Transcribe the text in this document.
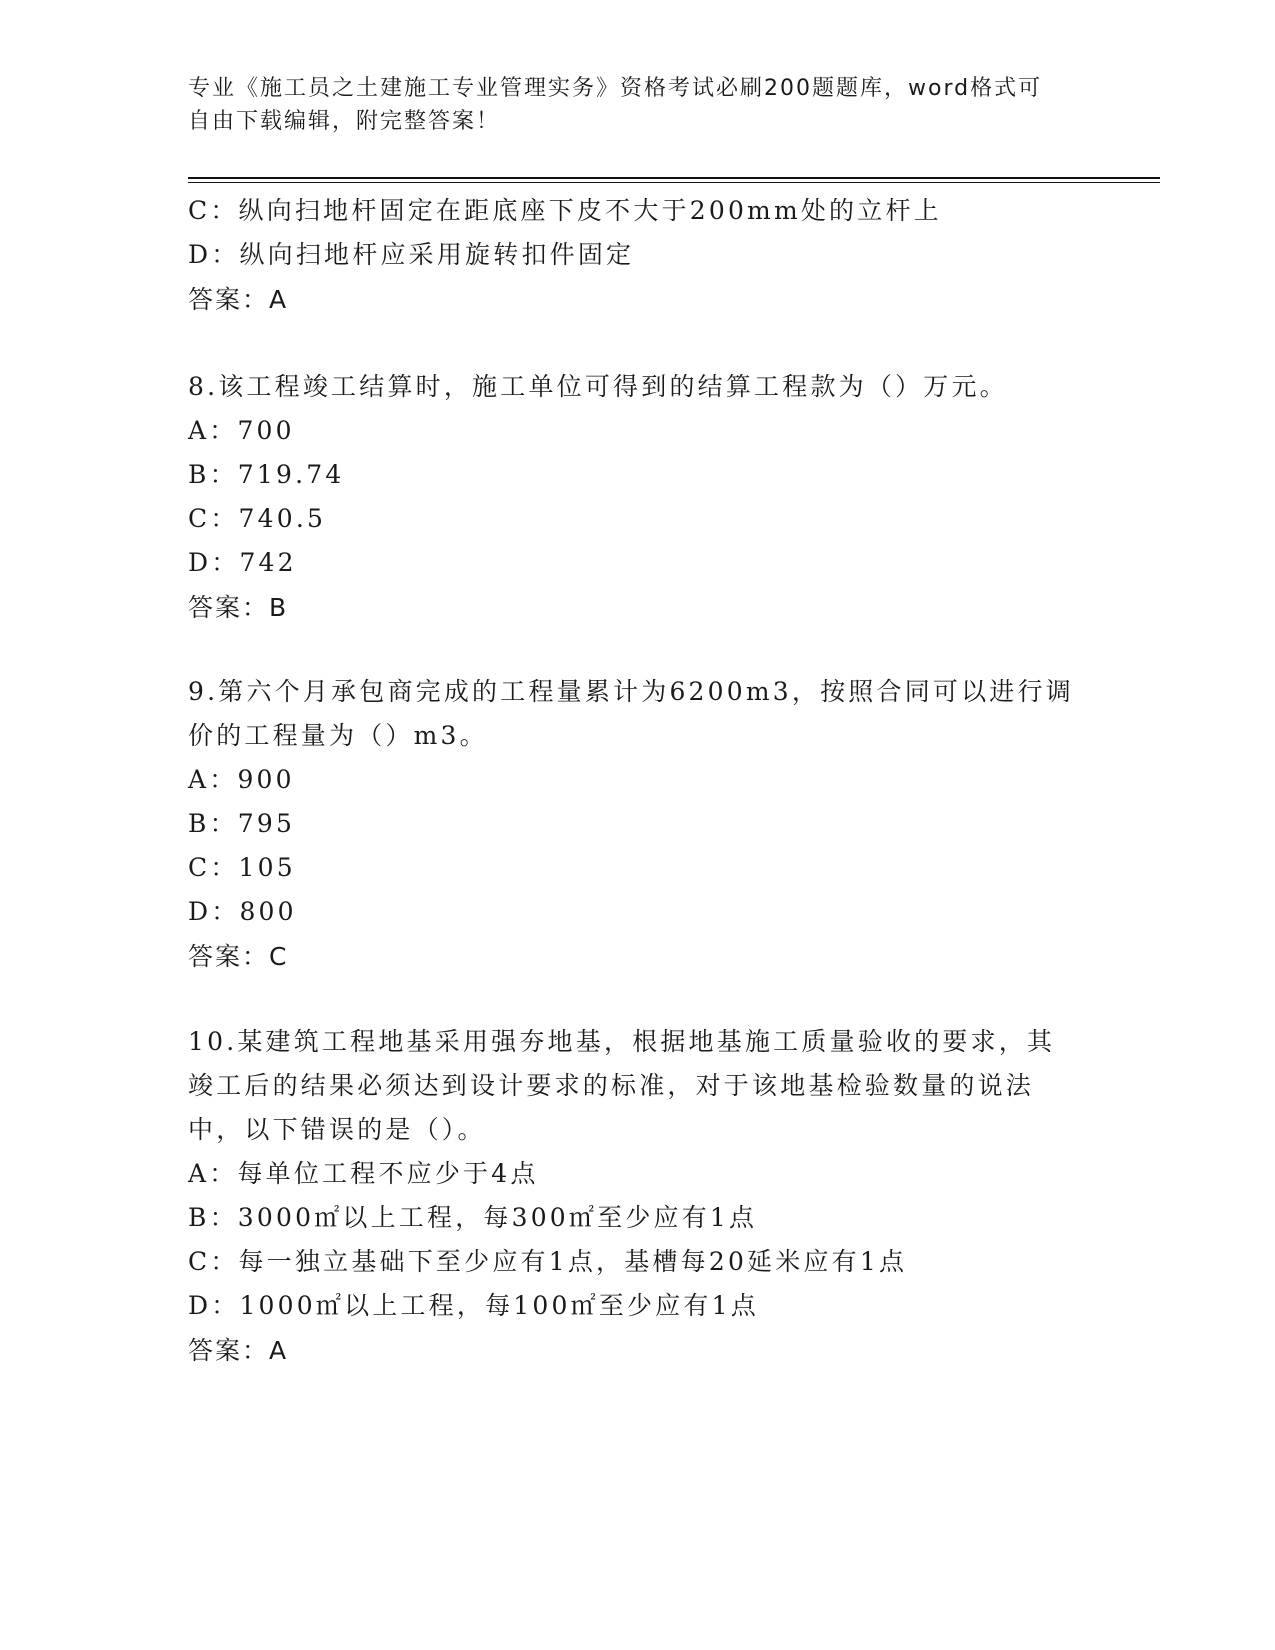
专业《施工员之土建施工专业管理实务》资格考试必刷200题题库，word格式可
自由下载编辑，附完整答案！
C：纵向扫地杆固定在距底座下皮不大于200mm处的立杆上
D：纵向扫地杆应采用旋转扣件固定
答案：A
8.该工程竣工结算时，施工单位可得到的结算工程款为（）万元。
A：700
B：719.74
C：740.5
D：742
答案：B
9.第六个月承包商完成的工程量累计为6200m3，按照合同可以进行调
价的工程量为（）m3。
A：900
B：795
C：105
D：800
答案：C
10.某建筑工程地基采用强夯地基，根据地基施工质量验收的要求，其
竣工后的结果必须达到设计要求的标准，对于该地基检验数量的说法
中，以下错误的是（）。
A：每单位工程不应少于4点
B：3000㎡以上工程，每300㎡至少应有1点
C：每一独立基础下至少应有1点，基槽每20延米应有1点
D：1000㎡以上工程，每100㎡至少应有1点
答案：A
